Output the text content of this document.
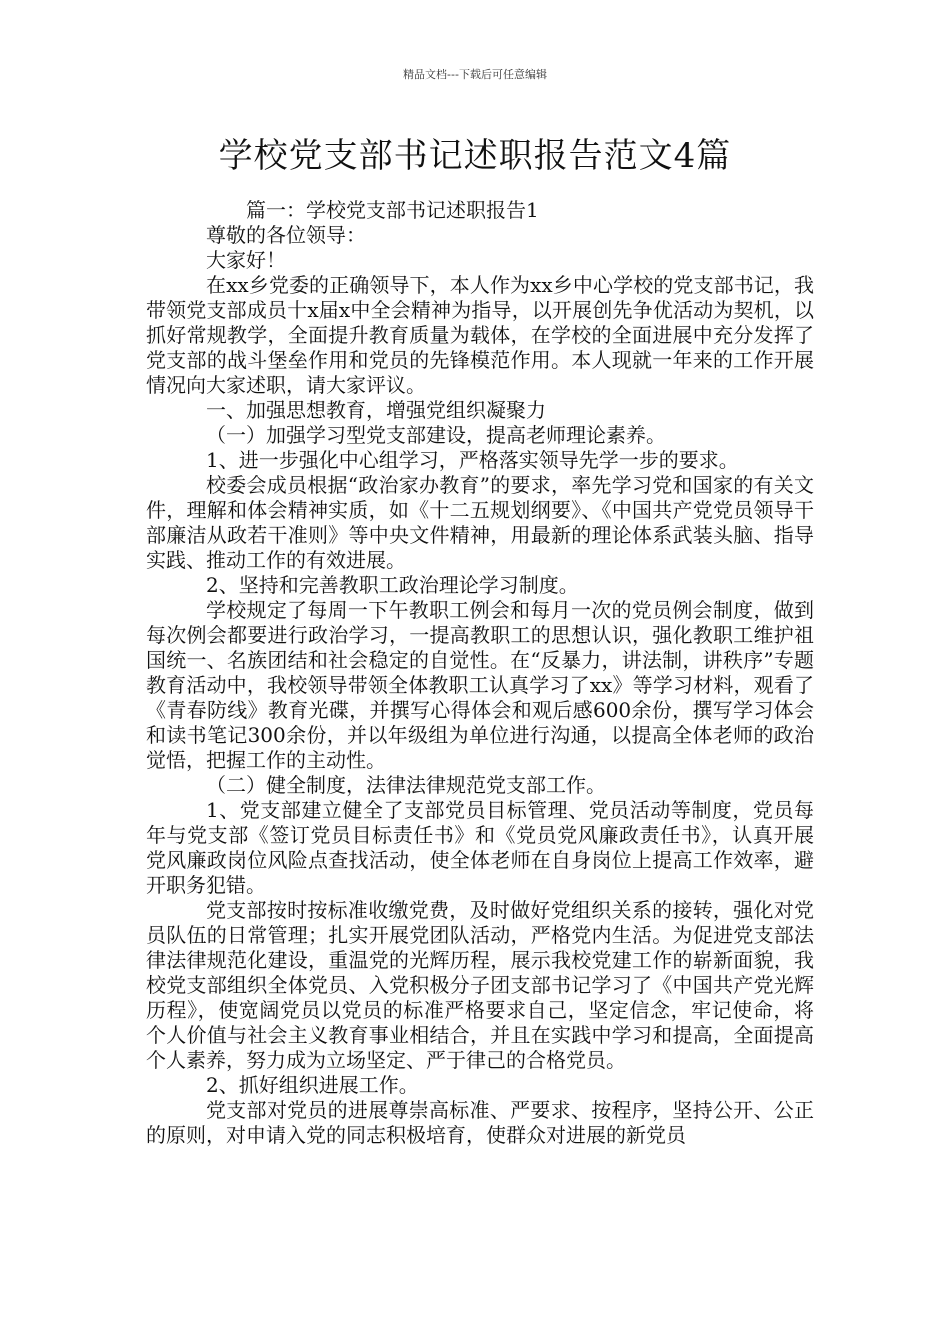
精品文档---下载后可任意编辑
学校党支部书记述职报告范文4篇

篇一：学校党支部书记述职报告1

尊敬的各位领导：

大家好！

在xx乡党委的正确领导下，本人作为xx乡中心学校的党支部书记，我带领党支部成员十x届x中全会精神为指导，以开展创先争优活动为契机，以抓好常规教学，全面提升教育质量为载体，在学校的全面进展中充分发挥了党支部的战斗堡垒作用和党员的先锋模范作用。本人现就一年来的工作开展情况向大家述职，请大家评议。

一、加强思想教育，增强党组织凝聚力

（一）加强学习型党支部建设，提高老师理论素养。

1、进一步强化中心组学习，严格落实领导先学一步的要求。

校委会成员根据“政治家办教育”的要求，率先学习党和国家的有关文件，理解和体会精神实质，如《十二五规划纲要》、《中国共产党党员领导干部廉洁从政若干准则》等中央文件精神，用最新的理论体系武装头脑、指导实践、推动工作的有效进展。

2、坚持和完善教职工政治理论学习制度。

学校规定了每周一下午教职工例会和每月一次的党员例会制度，做到每次例会都要进行政治学习，一提高教职工的思想认识，强化教职工维护祖国统一、名族团结和社会稳定的自觉性。在“反暴力，讲法制，讲秩序”专题教育活动中，我校领导带领全体教职工认真学习了xx》等学习材料，观看了《青春防线》教育光碟，并撰写心得体会和观后感600余份，撰写学习体会和读书笔记300余份，并以年级组为单位进行沟通，以提高全体老师的政治觉悟，把握工作的主动性。

（二）健全制度，法律法律规范党支部工作。

1、党支部建立健全了支部党员目标管理、党员活动等制度，党员每年与党支部《签订党员目标责任书》和《党员党风廉政责任书》，认真开展党风廉政岗位风险点查找活动，使全体老师在自身岗位上提高工作效率，避开职务犯错。

党支部按时按标准收缴党费，及时做好党组织关系的接转，强化对党员队伍的日常管理；扎实开展党团队活动，严格党内生活。为促进党支部法律法律规范化建设，重温党的光辉历程，展示我校党建工作的崭新面貌，我校党支部组织全体党员、入党积极分子团支部书记学习了《中国共产党光辉历程》，使宽阔党员以党员的标准严格要求自己，坚定信念，牢记使命，将个人价值与社会主义教育事业相结合，并且在实践中学习和提高，全面提高个人素养，努力成为立场坚定、严于律己的合格党员。

2、抓好组织进展工作。

党支部对党员的进展尊崇高标准、严要求、按程序，坚持公开、公正的原则，对申请入党的同志积极培育，使群众对进展的新党员
